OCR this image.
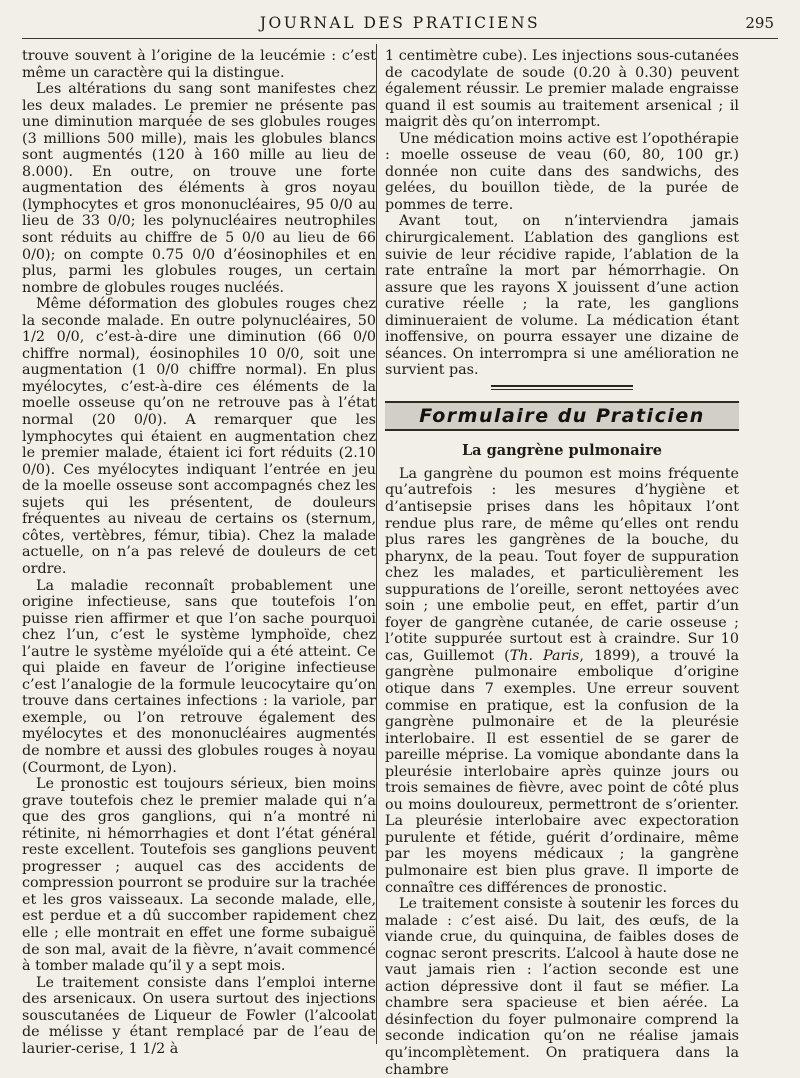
JOURNAL DES PRATICIENS	295

trouve souvent à l’origine de la leucémie : c’est même un caractère qui la distingue.

Les altérations du sang sont manifestes chez les deux malades. Le premier ne présente pas une diminution marquée de ses globules rouges (3 millions 500 mille), mais les globules blancs sont augmentés (120 à 160 mille au lieu de 8.000). En outre, on trouve une forte augmentation des éléments à gros noyau (lymphocytes et gros mononucléaires, 95 0/0 au lieu de 33 0/0; les polynucléaires neutrophiles sont réduits au chiffre de 5 0/0 au lieu de 66 0/0); on compte 0.75 0/0 d’éosinophiles et en plus, parmi les globules rouges, un certain nombre de globules rouges nucléés.

Même déformation des globules rouges chez la seconde malade. En outre polynucléaires, 50 1/2 0/0, c’est-à-dire une diminution (66 0/0 chiffre normal), éosinophiles 10 0/0, soit une augmentation (1 0/0 chiffre normal). En plus myélocytes, c’est-à-dire ces éléments de la moelle osseuse qu’on ne retrouve pas à l’état normal (20 0/0). A remarquer que les lymphocytes qui étaient en augmentation chez le premier malade, étaient ici fort réduits (2.10 0/0). Ces myélocytes indiquant l’entrée en jeu de la moelle osseuse sont accompagnés chez les sujets qui les présentent, de douleurs fréquentes au niveau de certains os (sternum, côtes, vertèbres, fémur, tibia). Chez la malade actuelle, on n’a pas relevé de douleurs de cet ordre.

La maladie reconnaît probablement une origine infectieuse, sans que toutefois l’on puisse rien affirmer et que l’on sache pourquoi chez l’un, c’est le système lymphoïde, chez l’autre le système myéloïde qui a été atteint. Ce qui plaide en faveur de l’origine infectieuse c’est l’analogie de la formule leucocytaire qu’on trouve dans certaines infections : la variole, par exemple, ou l’on retrouve également des myélocytes et des mononucléaires augmentés de nombre et aussi des globules rouges à noyau (Courmont, de Lyon).

Le pronostic est toujours sérieux, bien moins grave toutefois chez le premier malade qui n’a que des gros ganglions, qui n’a montré ni rétinite, ni hémorrhagies et dont l’état général reste excellent. Toutefois ses ganglions peuvent progresser ; auquel cas des accidents de compression pourront se produire sur la trachée et les gros vaisseaux. La seconde malade, elle, est perdue et a dû succomber rapidement chez elle ; elle montrait en effet une forme subaiguë de son mal, avait de la fièvre, n’avait commencé à tomber malade qu’il y a sept mois.

Le traitement consiste dans l’emploi interne des arsenicaux. On usera surtout des injections souscutanées de Liqueur de Fowler (l’alcoolat de mélisse y étant remplacé par de l’eau de laurier-cerise, 1 1/2 à

1 centimètre cube). Les injections sous-cutanées de cacodylate de soude (0.20 à 0.30) peuvent également réussir. Le premier malade engraisse quand il est soumis au traitement arsenical ; il maigrit dès qu’on interrompt.

Une médication moins active est l’opothérapie : moelle osseuse de veau (60, 80, 100 gr.) donnée non cuite dans des sandwichs, des gelées, du bouillon tiède, de la purée de pommes de terre.

Avant tout, on n’interviendra jamais chirurgicalement. L’ablation des ganglions est suivie de leur récidive rapide, l’ablation de la rate entraîne la mort par hémorrhagie. On assure que les rayons X jouissent d’une action curative réelle ; la rate, les ganglions diminueraient de volume. La médication étant inoffensive, on pourra essayer une dizaine de séances. On interrompra si une amélioration ne survient pas.

Formulaire du Praticien
La gangrène pulmonaire

La gangrène du poumon est moins fréquente qu’autrefois : les mesures d’hygiène et d’antisepsie prises dans les hôpitaux l’ont rendue plus rare, de même qu’elles ont rendu plus rares les gangrènes de la bouche, du pharynx, de la peau. Tout foyer de suppuration chez les malades, et particulièrement les suppurations de l’oreille, seront nettoyées avec soin ; une embolie peut, en effet, partir d’un foyer de gangrène cutanée, de carie osseuse ; l’otite suppurée surtout est à craindre. Sur 10 cas, Guillemot (Th. Paris, 1899), a trouvé la gangrène pulmonaire embolique d’origine otique dans 7 exemples. Une erreur souvent commise en pratique, est la confusion de la gangrène pulmonaire et de la pleurésie interlobaire. Il est essentiel de se garer de pareille méprise. La vomique abondante dans la pleurésie interlobaire après quinze jours ou trois semaines de fièvre, avec point de côté plus ou moins douloureux, permettront de s’orienter. La pleurésie interlobaire avec expectoration purulente et fétide, guérit d’ordinaire, même par les moyens médicaux ; la gangrène pulmonaire est bien plus grave. Il importe de connaître ces différences de pronostic.

Le traitement consiste à soutenir les forces du malade : c’est aisé. Du lait, des œufs, de la viande crue, du quinquina, de faibles doses de cognac seront prescrits. L’alcool à haute dose ne vaut jamais rien : l’action seconde est une action dépressive dont il faut se méfier. La chambre sera spacieuse et bien aérée. La désinfection du foyer pulmonaire comprend la seconde indication qu’on ne réalise jamais qu’incomplètement. On pratiquera dans la chambre
